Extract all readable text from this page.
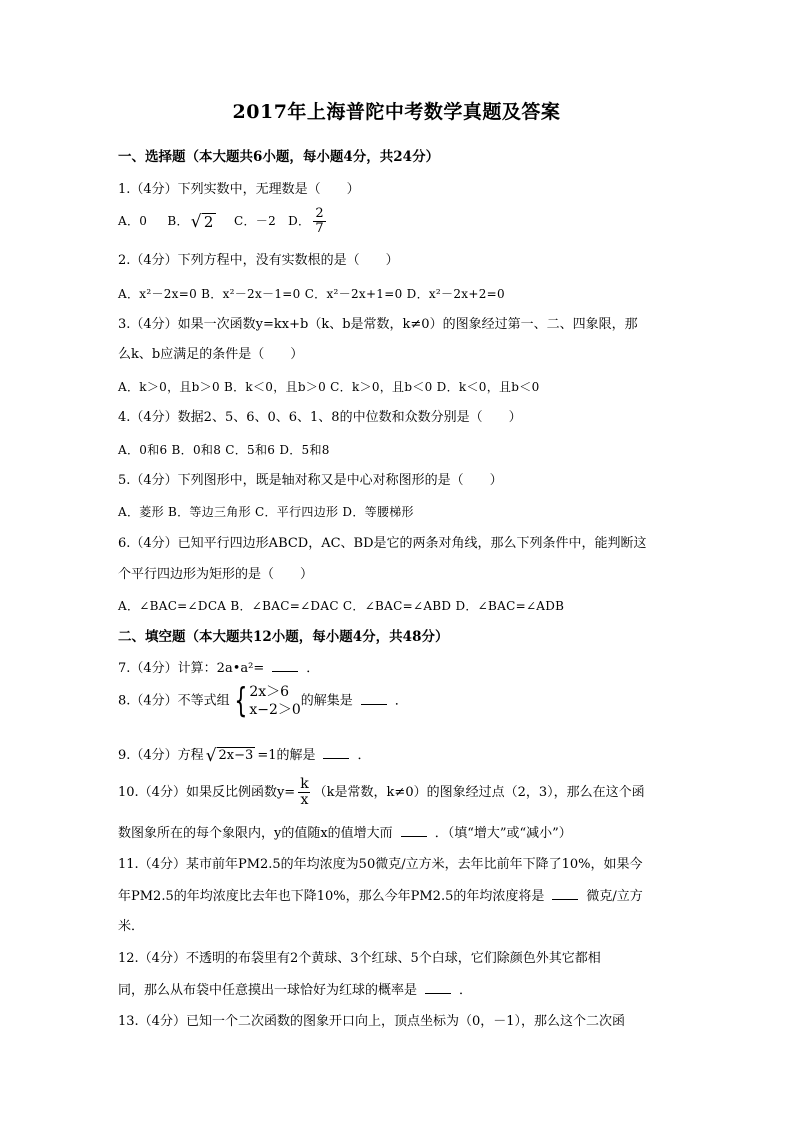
2017年上海普陀中考数学真题及答案
一、选择题（本大题共6小题，每小题4分，共24分）
1.（4分）下列实数中，无理数是（　　）
A．0 B． √ 2 C．－2 D． $\frac{2}{7}$
2.（4分）下列方程中，没有实数根的是（　　）
A．x²－2x=0 B．x²－2x－1=0 C．x²－2x+1=0 D．x²－2x+2=0
3.（4分）如果一次函数y=kx+b（k、b是常数，k≠0）的图象经过第一、二、四象限，那
么k、b应满足的条件是（　　）
A．k＞0，且b＞0 B．k＜0，且b＞0 C．k＞0，且b＜0 D．k＜0，且b＜0
4.（4分）数据2、5、6、0、6、1、8的中位数和众数分别是（　　）
A．0和6 B．0和8 C．5和6 D．5和8
5.（4分）下列图形中，既是轴对称又是中心对称图形的是（　　）
A．菱形 B．等边三角形 C．平行四边形 D．等腰梯形
6.（4分）已知平行四边形ABCD，AC、BD是它的两条对角线，那么下列条件中，能判断这
个平行四边形为矩形的是（　　）
A．∠BAC=∠DCA B．∠BAC=∠DAC C．∠BAC=∠ABD D．∠BAC=∠ADB
二、填空题（本大题共12小题，每小题4分，共48分）
7.（4分）计算：2a•a²=	．
8.（4分）不等式组 { 2x＞6
x−2＞0
的解集是	．
9.（4分）方程 √ 2x−3 =1的解是	．
10.（4分）如果反比例函数$y= \frac{k}{x} (k$是常数，k≠0）的图象经过点（2，3），那么在这个函
数图象所在的每个象限内，y的值随x的值增大而	．（填“增大”或“减小”）
11.（4分）某市前年PM2.5的年均浓度为50微克/立方米，去年比前年下降了10%，如果今
年PM2.5的年均浓度比去年也下降10%，那么今年PM2.5的年均浓度将是	微克/立方
米．
12.（4分）不透明的布袋里有2个黄球、3个红球、5个白球，它们除颜色外其它都相
同，那么从布袋中任意摸出一球恰好为红球的概率是	．
13.（4分）已知一个二次函数的图象开口向上，顶点坐标为（0，－1），那么这个二次函
